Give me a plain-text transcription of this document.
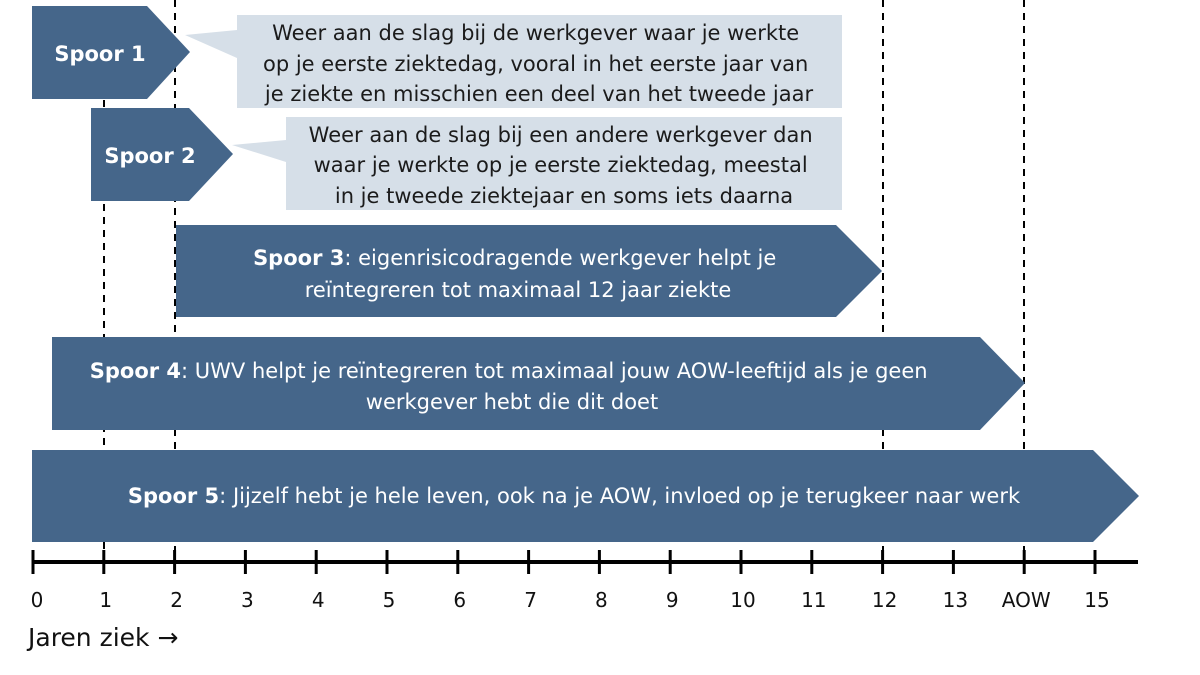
Spoor 1
Weer aan de slag bij de werkgever waar je werkte op je eerste ziektedag, vooral in het eerste jaar van je ziekte en misschien een deel van het tweede jaar
Spoor 2
Weer aan de slag bij een andere werkgever dan waar je werkte op je eerste ziektedag, meestal in je tweede ziektejaar en soms iets daarna
Spoor 3: eigenrisicodragende werkgever helpt je reïntegreren tot maximaal 12 jaar ziekte
Spoor 4: UWV helpt je reïntegreren tot maximaal jouw AOW-leeftijd als je geen werkgever hebt die dit doet
Spoor 5: Jijzelf hebt je hele leven, ook na je AOW, invloed op je terugkeer naar werk
0	1	2	3	4	5	6	7	8	9	10 11 12 13 AOW 15
Jaren ziek →
